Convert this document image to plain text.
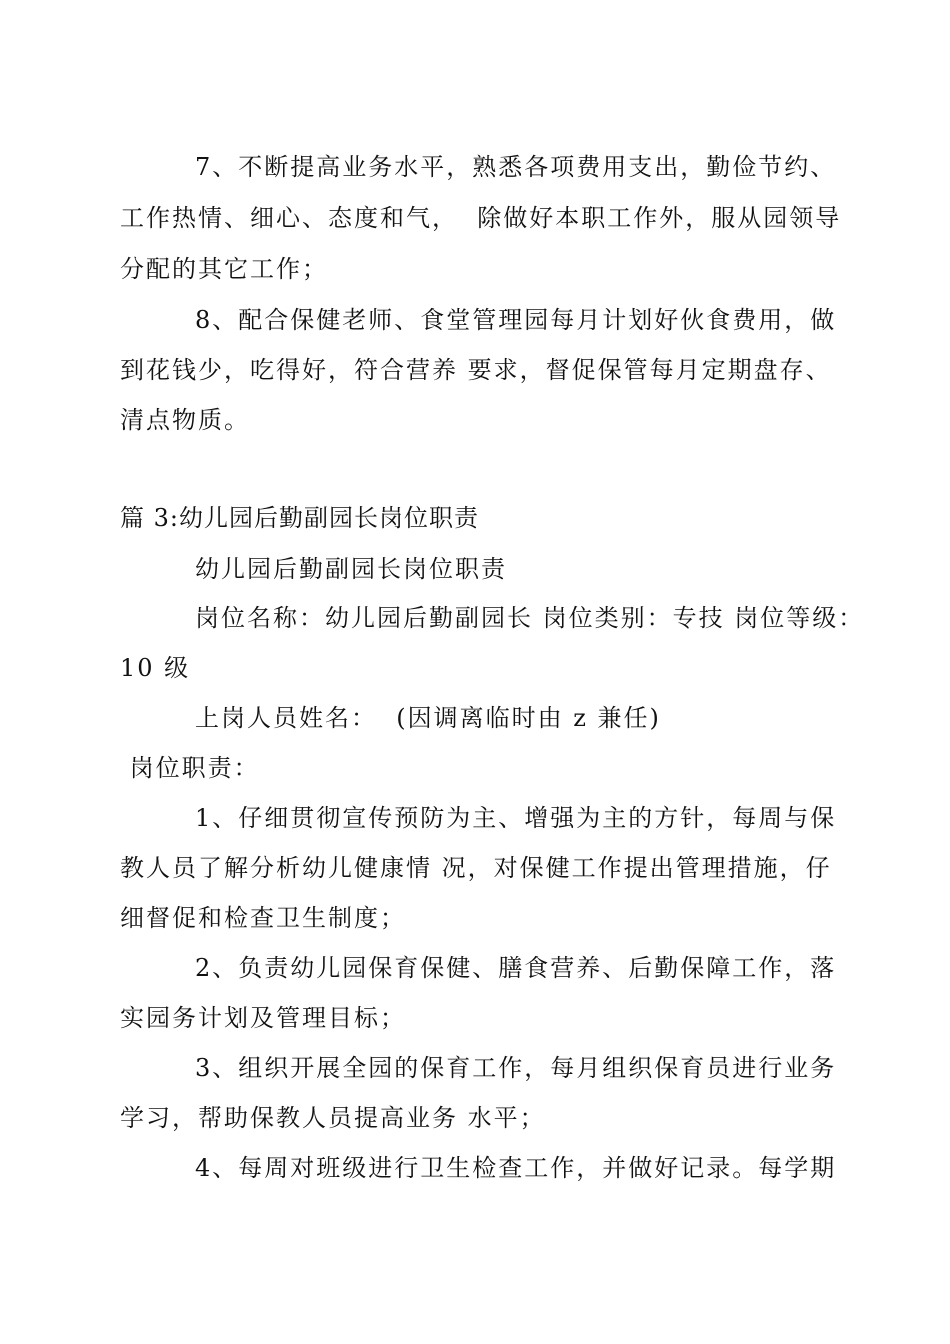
7、不断提高业务水平，熟悉各项费用支出，勤俭节约、
工作热情、细心、态度和气，  除做好本职工作外，服从园领导
分配的其它工作；
8、配合保健老师、食堂管理园每月计划好伙食费用，做
到花钱少，吃得好，符合营养 要求，督促保管每月定期盘存、
清点物质。
篇 3:幼儿园后勤副园长岗位职责
幼儿园后勤副园长岗位职责
岗位名称：幼儿园后勤副园长 岗位类别：专技 岗位等级：
10 级
上岗人员姓名：  (因调离临时由 z 兼任)
岗位职责：
1、仔细贯彻宣传预防为主、增强为主的方针，每周与保
教人员了解分析幼儿健康情 况，对保健工作提出管理措施，仔
细督促和检查卫生制度；
2、负责幼儿园保育保健、膳食营养、后勤保障工作，落
实园务计划及管理目标；
3、组织开展全园的保育工作，每月组织保育员进行业务
学习，帮助保教人员提高业务 水平；
4、每周对班级进行卫生检查工作，并做好记录。每学期
